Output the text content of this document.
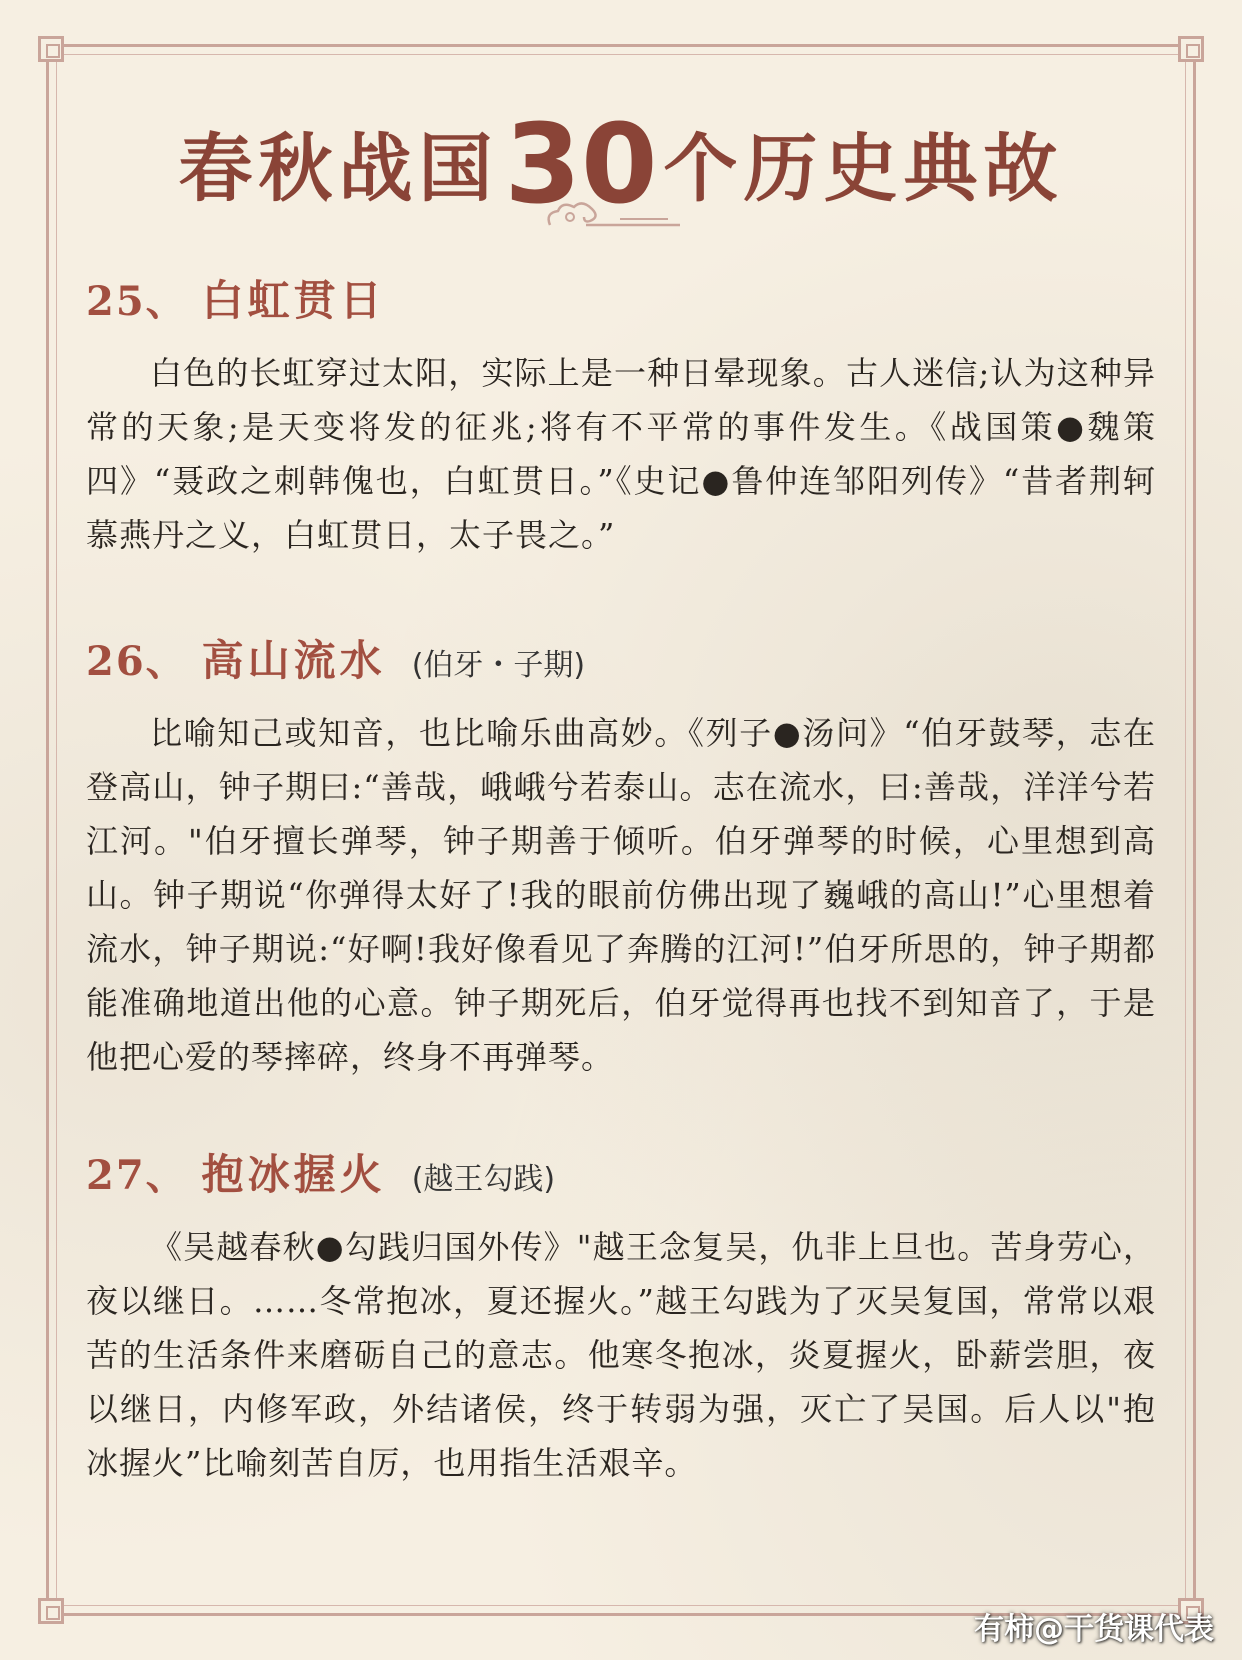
春秋战国30个历史典故
25、 白虹贯日
白色的长虹穿过太阳，实际上是一种日晕现象。古人迷信;认为这种异常的天象;是天变将发的征兆;将有不平常的事件发生。《战国策●魏策四》“聂政之刺韩傀也，白虹贯日。”《史记●鲁仲连邹阳列传》“昔者荆轲慕燕丹之义，白虹贯日，太子畏之。”
26、 高山流水 (伯牙・子期)
比喻知己或知音，也比喻乐曲高妙。《列子●汤问》“伯牙鼓琴，志在登高山，钟子期曰:“善哉，峨峨兮若泰山。志在流水，曰:善哉，洋洋兮若江河。"伯牙擅长弹琴，钟子期善于倾听。伯牙弹琴的时候，心里想到高山。钟子期说“你弹得太好了!我的眼前仿佛出现了巍峨的高山!”心里想着流水，钟子期说:“好啊!我好像看见了奔腾的江河!”伯牙所思的，钟子期都能准确地道出他的心意。钟子期死后，伯牙觉得再也找不到知音了，于是他把心爱的琴摔碎，终身不再弹琴。
27、 抱冰握火 (越王勾践)
《吴越春秋●勾践归国外传》"越王念复吴，仇非上旦也。苦身劳心，夜以继日。……冬常抱冰，夏还握火。”越王勾践为了灭吴复国，常常以艰苦的生活条件来磨砺自己的意志。他寒冬抱冰，炎夏握火，卧薪尝胆，夜以继日，内修军政，外结诸侯，终于转弱为强，灭亡了吴国。后人以"抱冰握火”比喻刻苦自厉，也用指生活艰辛。
有柿@干货课代表
